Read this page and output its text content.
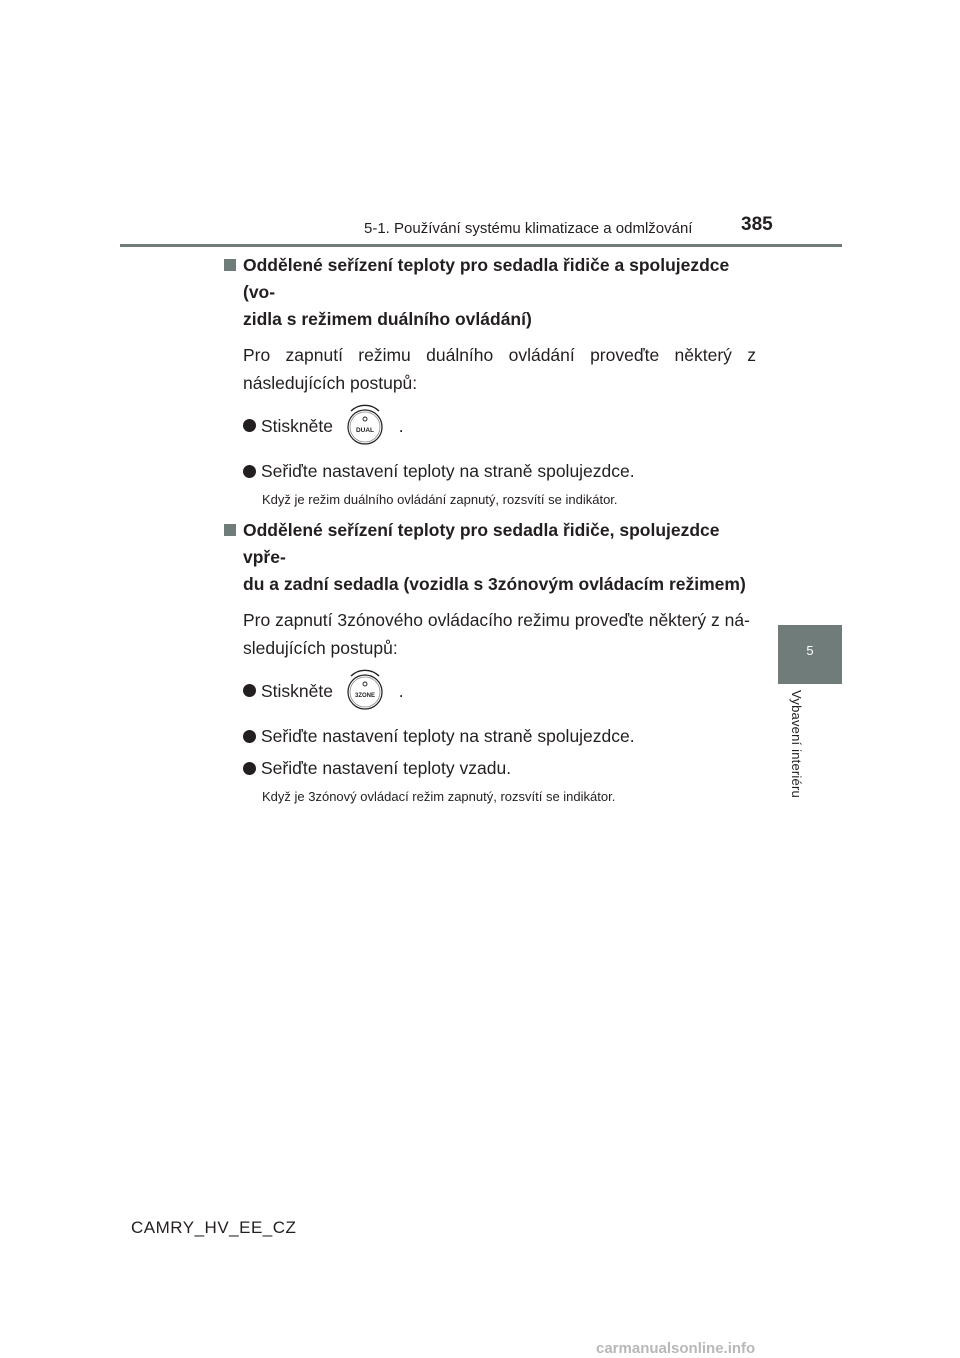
5-1. Používání systému klimatizace a odmlžování	385
5
Vybavení interiéru
Oddělené seřízení teploty pro sedadla řidiče a spolujezdce (vo-
zidla s režimem duálního ovládání)
Pro zapnutí režimu duálního ovládání proveďte některý z následujících postupů:
Stiskněte	DUAL .
Seřiďte nastavení teploty na straně spolujezdce.
Když je režim duálního ovládání zapnutý, rozsvítí se indikátor.
Oddělené seřízení teploty pro sedadla řidiče, spolujezdce vpře-
du a zadní sedadla (vozidla s 3zónovým ovládacím režimem)
Pro zapnutí 3zónového ovládacího režimu proveďte některý z ná-
sledujících postupů:
Stiskněte	3ZONE .
Seřiďte nastavení teploty na straně spolujezdce.
Seřiďte nastavení teploty vzadu.
Když je 3zónový ovládací režim zapnutý, rozsvítí se indikátor.
CAMRY_HV_EE_CZ
carmanualsonline.info
